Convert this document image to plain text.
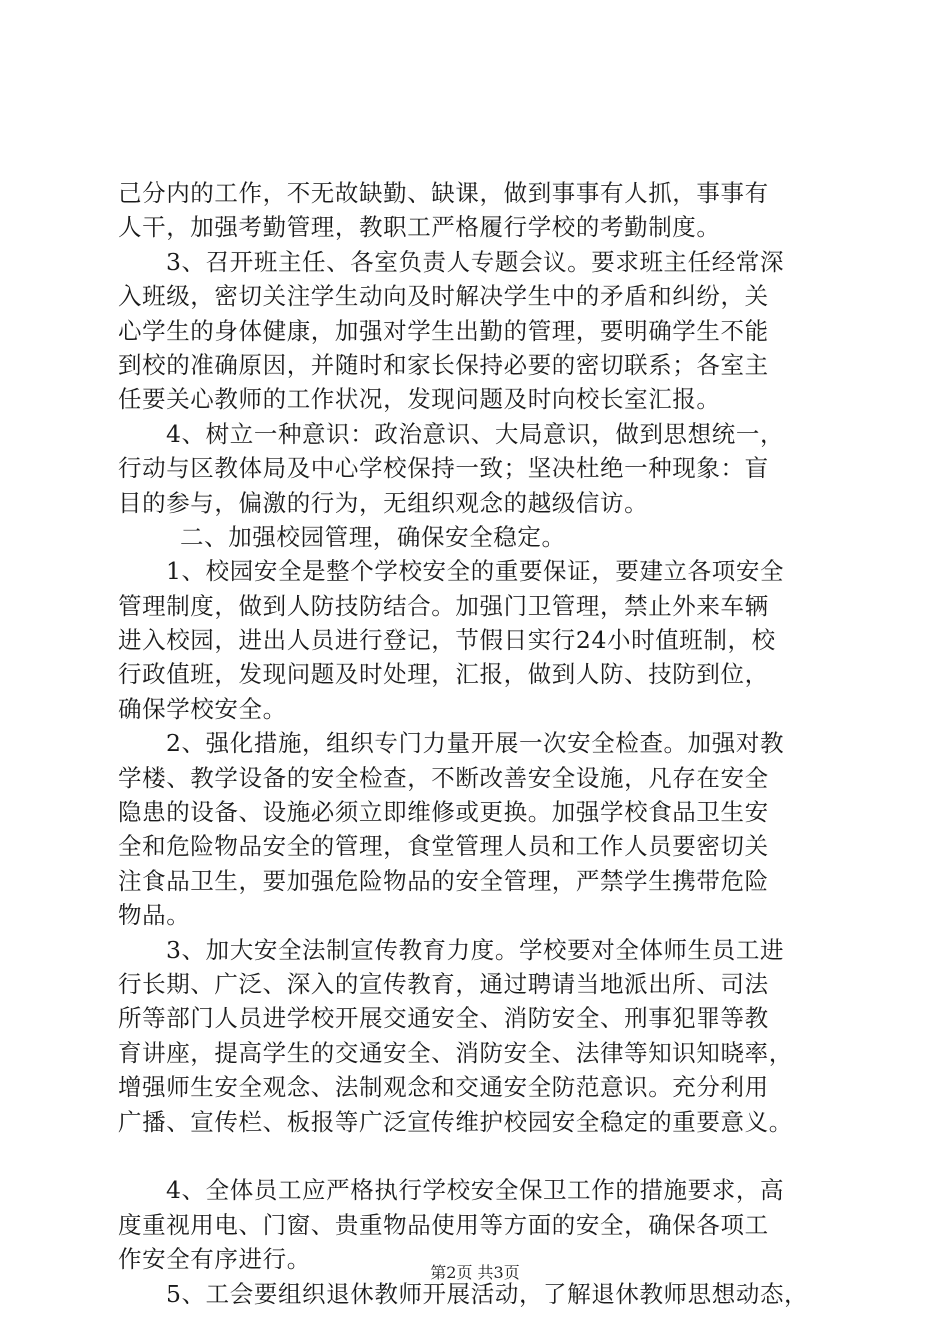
己分内的工作，不无故缺勤、缺课，做到事事有人抓，事事有
人干，加强考勤管理，教职工严格履行学校的考勤制度。
3、召开班主任、各室负责人专题会议。要求班主任经常深
入班级，密切关注学生动向及时解决学生中的矛盾和纠纷，关
心学生的身体健康，加强对学生出勤的管理，要明确学生不能
到校的准确原因，并随时和家长保持必要的密切联系；各室主
任要关心教师的工作状况，发现问题及时向校长室汇报。
4、树立一种意识：政治意识、大局意识，做到思想统一，
行动与区教体局及中心学校保持一致；坚决杜绝一种现象：盲
目的参与，偏激的行为，无组织观念的越级信访。
二、加强校园管理，确保安全稳定。
1、校园安全是整个学校安全的重要保证，要建立各项安全
管理制度，做到人防技防结合。加强门卫管理，禁止外来车辆
进入校园，进出人员进行登记，节假日实行24小时值班制，校
行政值班，发现问题及时处理，汇报，做到人防、技防到位，
确保学校安全。
2、强化措施，组织专门力量开展一次安全检查。加强对教
学楼、教学设备的安全检查，不断改善安全设施，凡存在安全
隐患的设备、设施必须立即维修或更换。加强学校食品卫生安
全和危险物品安全的管理，食堂管理人员和工作人员要密切关
注食品卫生，要加强危险物品的安全管理，严禁学生携带危险
物品。
3、加大安全法制宣传教育力度。学校要对全体师生员工进
行长期、广泛、深入的宣传教育，通过聘请当地派出所、司法
所等部门人员进学校开展交通安全、消防安全、刑事犯罪等教
育讲座，提高学生的交通安全、消防安全、法律等知识知晓率，
增强师生安全观念、法制观念和交通安全防范意识。充分利用
广播、宣传栏、板报等广泛宣传维护校园安全稳定的重要意义。
4、全体员工应严格执行学校安全保卫工作的措施要求，高
度重视用电、门窗、贵重物品使用等方面的安全，确保各项工
作安全有序进行。
5、工会要组织退休教师开展活动，了解退休教师思想动态，
第2页 共3页
